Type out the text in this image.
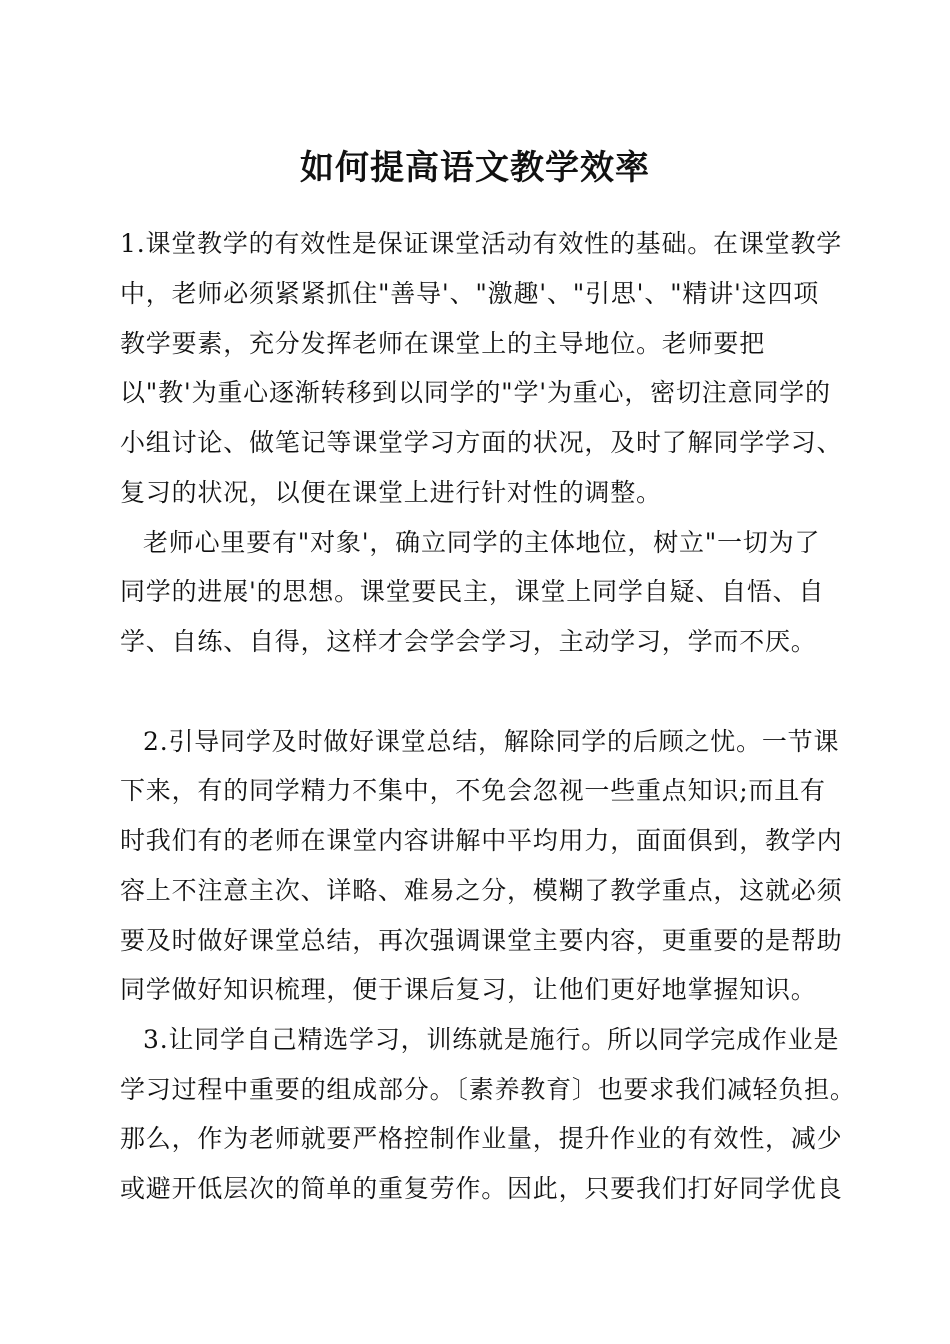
如何提高语文教学效率
1.课堂教学的有效性是保证课堂活动有效性的基础。在课堂教学
中，老师必须紧紧抓住"善导'、"激趣'、"引思'、"精讲'这四项
教学要素，充分发挥老师在课堂上的主导地位。老师要把
以"教'为重心逐渐转移到以同学的"学'为重心，密切注意同学的
小组讨论、做笔记等课堂学习方面的状况，及时了解同学学习、
复习的状况，以便在课堂上进行针对性的调整。
老师心里要有"对象'，确立同学的主体地位，树立"一切为了
同学的进展'的思想。课堂要民主，课堂上同学自疑、自悟、自
学、自练、自得，这样才会学会学习，主动学习，学而不厌。
2.引导同学及时做好课堂总结，解除同学的后顾之忧。一节课
下来，有的同学精力不集中，不免会忽视一些重点知识;而且有
时我们有的老师在课堂内容讲解中平均用力，面面俱到，教学内
容上不注意主次、详略、难易之分，模糊了教学重点，这就必须
要及时做好课堂总结，再次强调课堂主要内容，更重要的是帮助
同学做好知识梳理，便于课后复习，让他们更好地掌握知识。
3.让同学自己精选学习，训练就是施行。所以同学完成作业是
学习过程中重要的组成部分。〔素养教育〕也要求我们减轻负担。
那么，作为老师就要严格控制作业量，提升作业的有效性，减少
或避开低层次的简单的重复劳作。因此，只要我们打好同学优良
